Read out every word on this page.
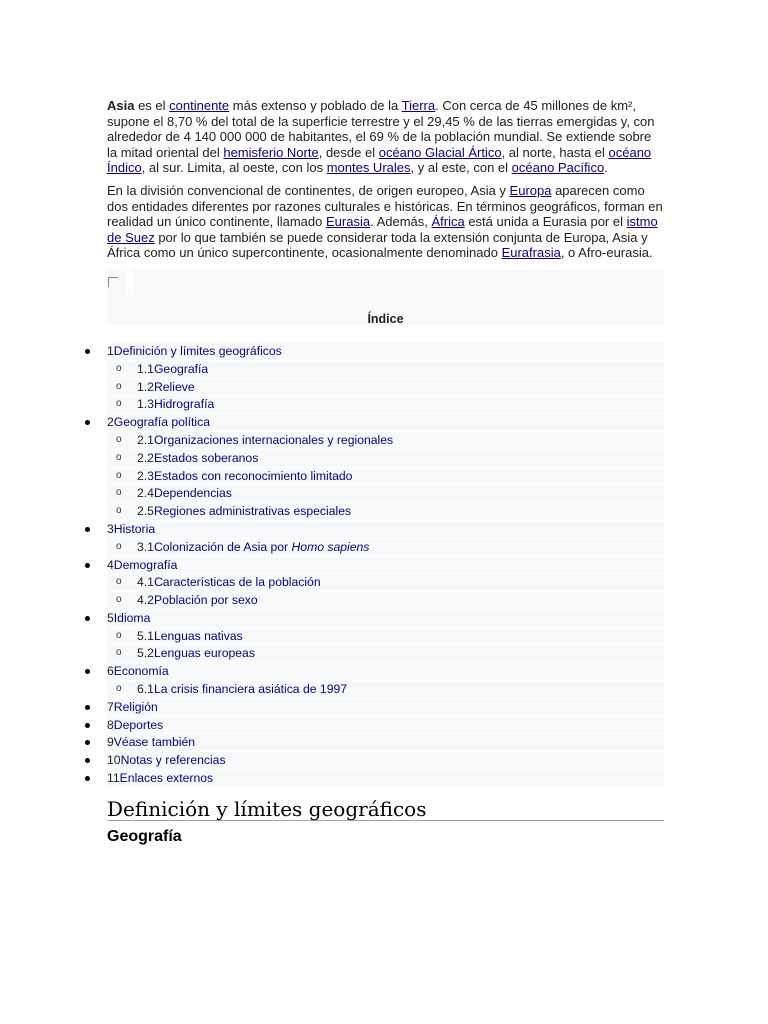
Asia es el continente más extenso y poblado de la Tierra. Con cerca de 45 millones de km², supone el 8,70 % del total de la superficie terrestre y el 29,45 % de las tierras emergidas y, con alrededor de 4 140 000 000 de habitantes, el 69 % de la población mundial. Se extiende sobre la mitad oriental del hemisferio Norte, desde el océano Glacial Ártico, al norte, hasta el océano Índico, al sur. Limita, al oeste, con los montes Urales, y al este, con el océano Pacífico.

En la división convencional de continentes, de origen europeo, Asia y Europa aparecen como dos entidades diferentes por razones culturales e históricas. En términos geográficos, forman en realidad un único continente, llamado Eurasia. Además, África está unida a Eurasia por el istmo de Suez por lo que también se puede considerar toda la extensión conjunta de Europa, Asia y África como un único supercontinente, ocasionalmente denominado Eurafrasia, o Afro-eurasia.

Índice
1Definición y límites geográficos
o 1.1Geografía
o 1.2Relieve
o 1.3Hidrografía
2Geografía política
o 2.1Organizaciones internacionales y regionales
o 2.2Estados soberanos
o 2.3Estados con reconocimiento limitado
o 2.4Dependencias
o 2.5Regiones administrativas especiales
3Historia
o 3.1Colonización de Asia por Homo sapiens
4Demografía
o 4.1Características de la población
o 4.2Población por sexo
5Idioma
o 5.1Lenguas nativas
o 5.2Lenguas europeas
6Economía
o 6.1La crisis financiera asiática de 1997
7Religión
8Deportes
9Véase también
10Notas y referencias
11Enlaces externos
Definición y límites geográficos
Geografía
